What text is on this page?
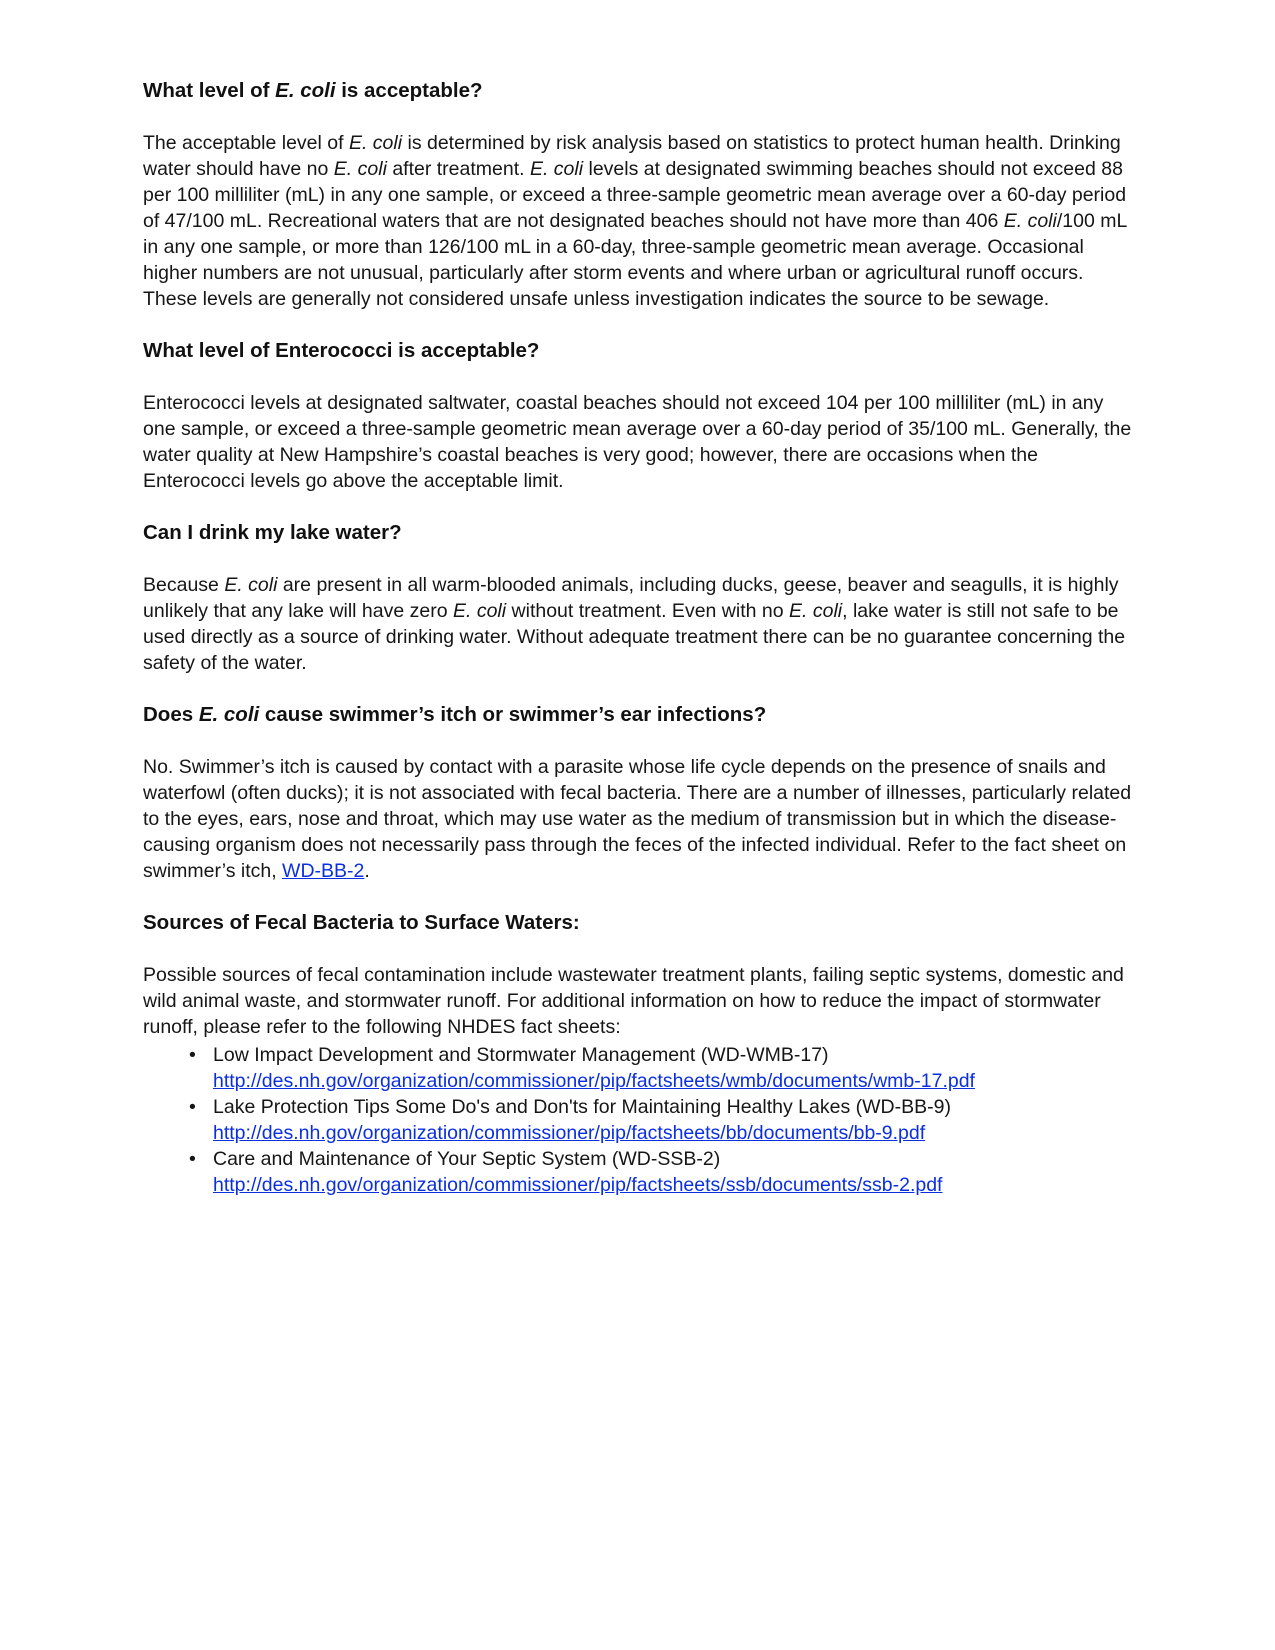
What level of E. coli is acceptable?

The acceptable level of E. coli is determined by risk analysis based on statistics to protect human health. Drinking water should have no E. coli after treatment. E. coli levels at designated swimming beaches should not exceed 88 per 100 milliliter (mL) in any one sample, or exceed a three-sample geometric mean average over a 60-day period of 47/100 mL. Recreational waters that are not designated beaches should not have more than 406 E. coli/100 mL in any one sample, or more than 126/100 mL in a 60-day, three-sample geometric mean average. Occasional higher numbers are not unusual, particularly after storm events and where urban or agricultural runoff occurs. These levels are generally not considered unsafe unless investigation indicates the source to be sewage.

What level of Enterococci is acceptable?

Enterococci levels at designated saltwater, coastal beaches should not exceed 104 per 100 milliliter (mL) in any one sample, or exceed a three-sample geometric mean average over a 60-day period of 35/100 mL. Generally, the water quality at New Hampshire’s coastal beaches is very good; however, there are occasions when the Enterococci levels go above the acceptable limit.

Can I drink my lake water?

Because E. coli are present in all warm-blooded animals, including ducks, geese, beaver and seagulls, it is highly unlikely that any lake will have zero E. coli without treatment. Even with no E. coli, lake water is still not safe to be used directly as a source of drinking water. Without adequate treatment there can be no guarantee concerning the safety of the water.

Does E. coli cause swimmer’s itch or swimmer’s ear infections?

No. Swimmer’s itch is caused by contact with a parasite whose life cycle depends on the presence of snails and waterfowl (often ducks); it is not associated with fecal bacteria. There are a number of illnesses, particularly related to the eyes, ears, nose and throat, which may use water as the medium of transmission but in which the disease-causing organism does not necessarily pass through the feces of the infected individual. Refer to the fact sheet on swimmer’s itch, WD-BB-2.

Sources of Fecal Bacteria to Surface Waters:

Possible sources of fecal contamination include wastewater treatment plants, failing septic systems, domestic and wild animal waste, and stormwater runoff. For additional information on how to reduce the impact of stormwater runoff, please refer to the following NHDES fact sheets:

• Low Impact Development and Stormwater Management (WD-WMB-17)
http://des.nh.gov/organization/commissioner/pip/factsheets/wmb/documents/wmb-17.pdf
• Lake Protection Tips Some Do's and Don'ts for Maintaining Healthy Lakes (WD-BB-9)
http://des.nh.gov/organization/commissioner/pip/factsheets/bb/documents/bb-9.pdf
• Care and Maintenance of Your Septic System (WD-SSB-2)
http://des.nh.gov/organization/commissioner/pip/factsheets/ssb/documents/ssb-2.pdf
